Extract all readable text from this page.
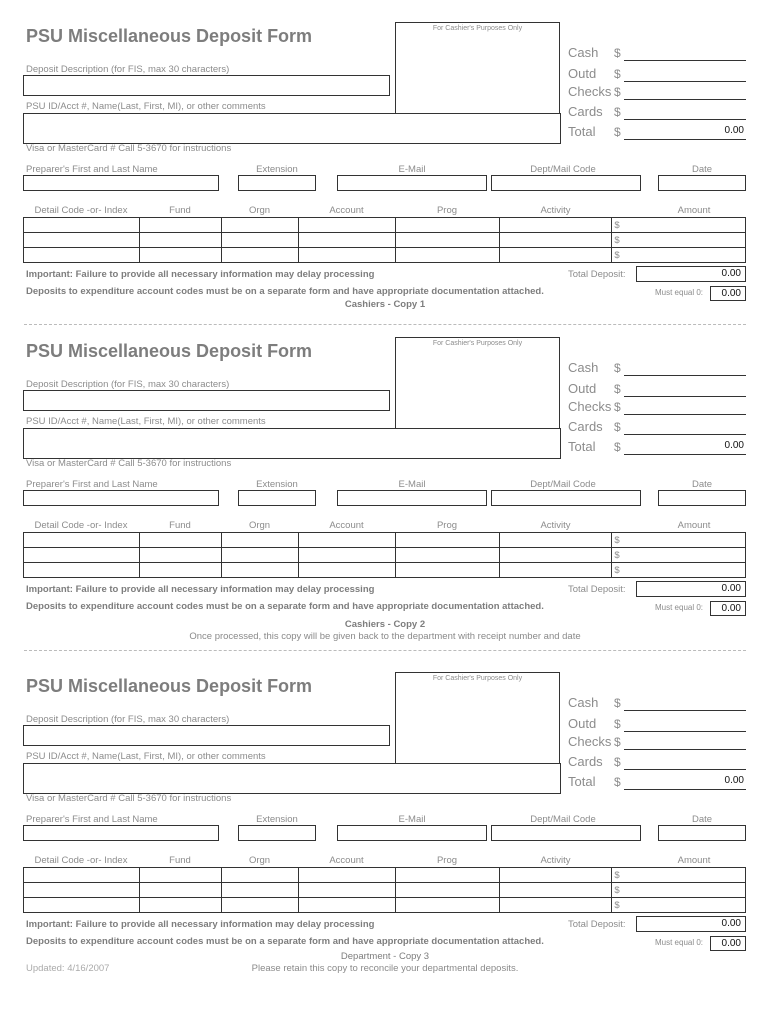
PSU Miscellaneous Deposit Form	For Cashier's Purposes Only
Deposit Description (for FIS, max 30 characters)
PSU ID/Acct #, Name(Last, First, MI), or other comments
Visa or MasterCard # Call 5-3670 for instructions
Cash $
Outd $
Checks $
Cards $
Total $	0.00
Preparer's First and Last Name	Extension	E-Mail	Dept/Mail Code	Date
Detail Code -or- Index	Fund	Orgn	Account	Prog	Activity	Amount
						$
						$
						$
Important: Failure to provide all necessary information may delay processing
Deposits to expenditure account codes must be on a separate form and have appropriate documentation attached.
Total Deposit:	0.00
Must equal 0: 0.00
Cashiers - Copy 1
PSU Miscellaneous Deposit Form	For Cashier's Purposes Only
Deposit Description (for FIS, max 30 characters)
PSU ID/Acct #, Name(Last, First, MI), or other comments
Visa or MasterCard # Call 5-3670 for instructions
Cash $
Outd $
Checks $
Cards $
Total $	0.00
Preparer's First and Last Name	Extension	E-Mail	Dept/Mail Code	Date
Detail Code -or- Index	Fund	Orgn	Account	Prog	Activity	Amount
						$
						$
						$
Important: Failure to provide all necessary information may delay processing
Deposits to expenditure account codes must be on a separate form and have appropriate documentation attached.
Total Deposit:	0.00
Must equal 0: 0.00
Cashiers - Copy 2
Once processed, this copy will be given back to the department with receipt number and date
PSU Miscellaneous Deposit Form	For Cashier's Purposes Only
Deposit Description (for FIS, max 30 characters)
PSU ID/Acct #, Name(Last, First, MI), or other comments
Visa or MasterCard # Call 5-3670 for instructions
Cash $
Outd $
Checks $
Cards $
Total $	0.00
Preparer's First and Last Name	Extension	E-Mail	Dept/Mail Code	Date
Detail Code -or- Index	Fund	Orgn	Account	Prog	Activity	Amount
						$
						$
						$
Important: Failure to provide all necessary information may delay processing
Deposits to expenditure account codes must be on a separate form and have appropriate documentation attached.
Total Deposit:	0.00
Must equal 0: 0.00
Department - Copy 3
Please retain this copy to reconcile your departmental deposits.
Updated: 4/16/2007
